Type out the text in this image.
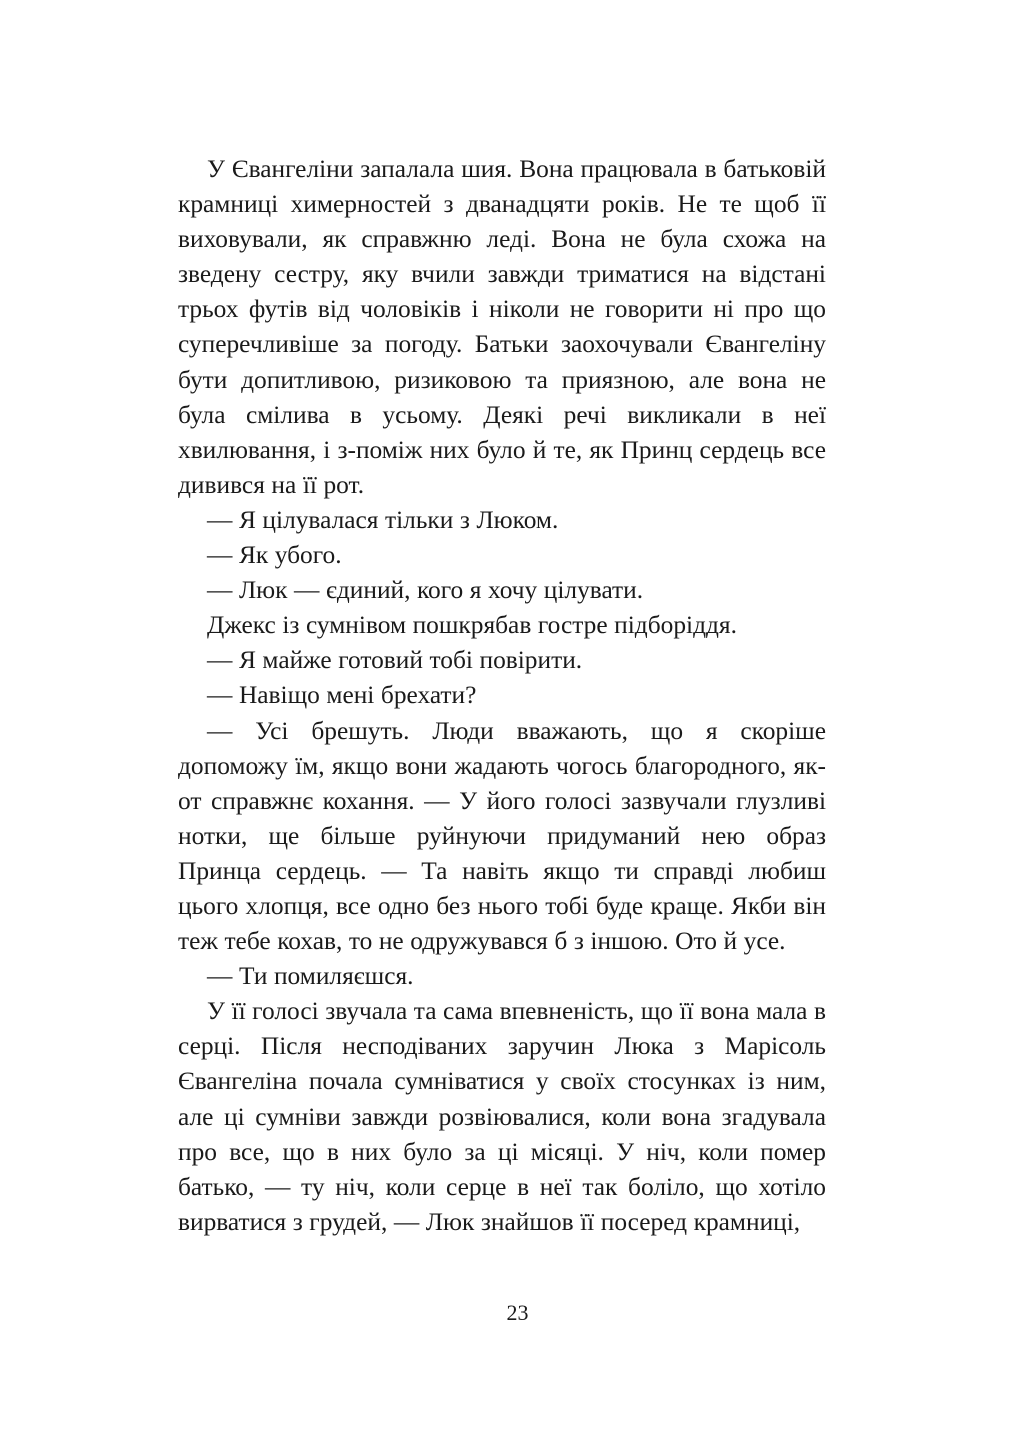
У Євангеліни запалала шия. Вона працювала в батьковій крамниці химерностей з дванадцяти років. Не те щоб її виховували, як справжню леді. Вона не була схожа на зведену сестру, яку вчили завжди триматися на відстані трьох футів від чоловіків і ніколи не говорити ні про що суперечливіше за погоду. Батьки заохочували Євангеліну бути допитливою, ризиковою та приязною, але вона не була смілива в усьому. Деякі речі викликали в неї хвилювання, і з-поміж них було й те, як Принц сердець все дивився на її рот.

— Я цілувалася тільки з Люком.

— Як убого.

— Люк — єдиний, кого я хочу цілувати.

Джекс із сумнівом пошкрябав гостре підборіддя.

— Я майже готовий тобі повірити.

— Навіщо мені брехати?

— Усі брешуть. Люди вважають, що я скоріше допоможу їм, якщо вони жадають чогось благородного, як-от справжнє кохання. — У його голосі зазвучали глузливі нотки, ще більше руйнуючи придуманий нею образ Принца сердець. — Та навіть якщо ти справді любиш цього хлопця, все одно без нього тобі буде краще. Якби він теж тебе кохав, то не одружувався б з іншою. Ото й усе.

— Ти помиляєшся.

У її голосі звучала та сама впевненість, що її вона мала в серці. Після несподіваних заручин Люка з Марісоль Євангеліна почала сумніватися у своїх стосунках із ним, але ці сумніви завжди розвіювалися, коли вона згадувала про все, що в них було за ці місяці. У ніч, коли помер батько, — ту ніч, коли серце в неї так боліло, що хотіло вирватися з грудей, — Люк знайшов її посеред крамниці,

23
